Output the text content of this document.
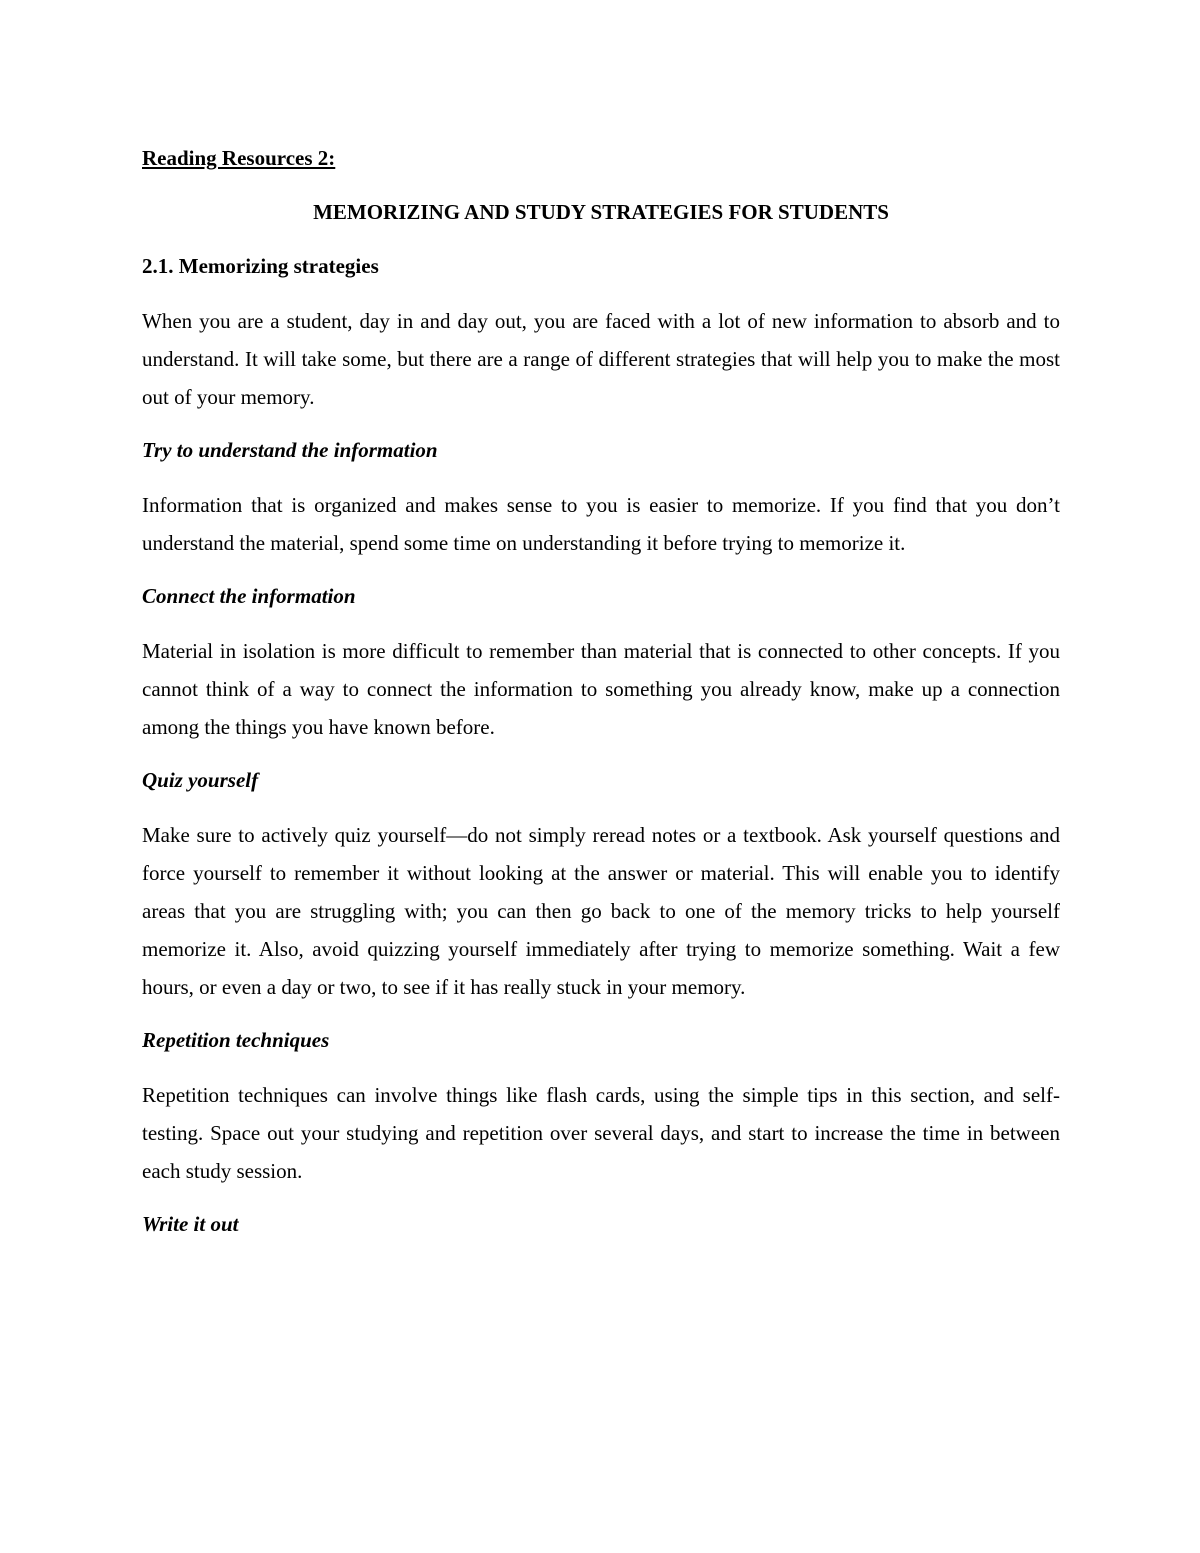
Reading Resources 2:

MEMORIZING AND STUDY STRATEGIES FOR STUDENTS

2.1. Memorizing strategies

When you are a student, day in and day out, you are faced with a lot of new information to absorb and to understand. It will take some, but there are a range of different strategies that will help you to make the most out of your memory.

Try to understand the information

Information that is organized and makes sense to you is easier to memorize. If you find that you don’t understand the material, spend some time on understanding it before trying to memorize it.

Connect the information

Material in isolation is more difficult to remember than material that is connected to other concepts. If you cannot think of a way to connect the information to something you already know, make up a connection among the things you have known before.

Quiz yourself

Make sure to actively quiz yourself—do not simply reread notes or a textbook. Ask yourself questions and force yourself to remember it without looking at the answer or material. This will enable you to identify areas that you are struggling with; you can then go back to one of the memory tricks to help yourself memorize it. Also, avoid quizzing yourself immediately after trying to memorize something. Wait a few hours, or even a day or two, to see if it has really stuck in your memory.

Repetition techniques

Repetition techniques can involve things like flash cards, using the simple tips in this section, and self-testing. Space out your studying and repetition over several days, and start to increase the time in between each study session.

Write it out
